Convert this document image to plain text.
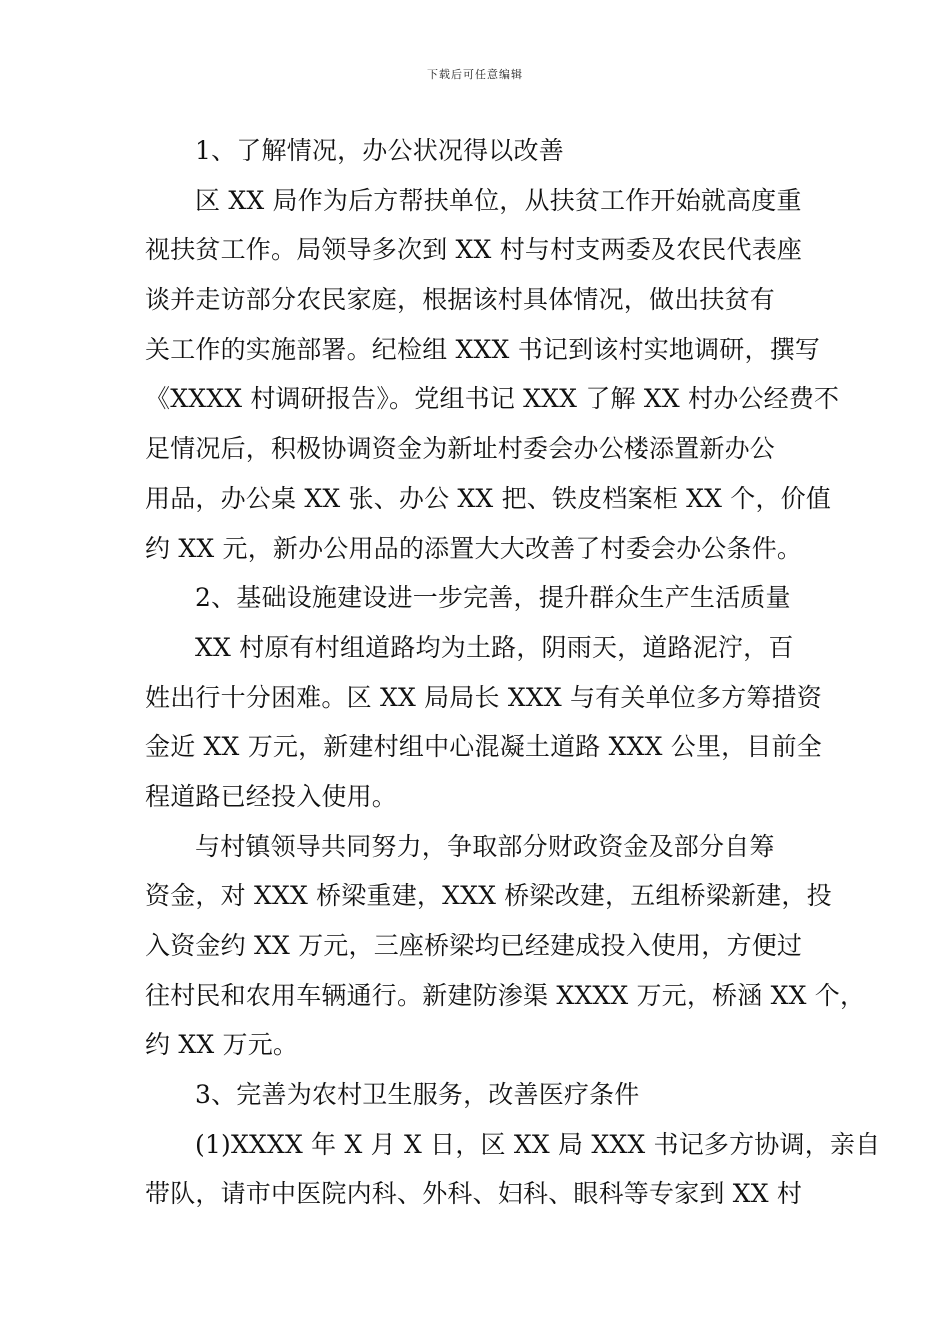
下载后可任意编辑
1、了解情况，办公状况得以改善
区 XX 局作为后方帮扶单位，从扶贫工作开始就高度重
视扶贫工作。局领导多次到 XX 村与村支两委及农民代表座
谈并走访部分农民家庭，根据该村具体情况，做出扶贫有
关工作的实施部署。纪检组 XXX 书记到该村实地调研，撰写
《XXXX 村调研报告》。党组书记 XXX 了解 XX 村办公经费不
足情况后，积极协调资金为新址村委会办公楼添置新办公
用品，办公桌 XX 张、办公 XX 把、铁皮档案柜 XX 个，价值
约 XX 元，新办公用品的添置大大改善了村委会办公条件。
2、基础设施建设进一步完善，提升群众生产生活质量
XX 村原有村组道路均为土路，阴雨天，道路泥泞，百
姓出行十分困难。区 XX 局局长 XXX 与有关单位多方筹措资
金近 XX 万元，新建村组中心混凝土道路 XXX 公里，目前全
程道路已经投入使用。
与村镇领导共同努力，争取部分财政资金及部分自筹
资金，对 XXX 桥梁重建，XXX 桥梁改建，五组桥梁新建，投
入资金约 XX 万元，三座桥梁均已经建成投入使用，方便过
往村民和农用车辆通行。新建防渗渠 XXXX 万元，桥涵 XX 个，
约 XX 万元。
3、完善为农村卫生服务，改善医疗条件
(1)XXXX 年 X 月 X 日，区 XX 局 XXX 书记多方协调，亲自
带队，请市中医院内科、外科、妇科、眼科等专家到 XX 村
